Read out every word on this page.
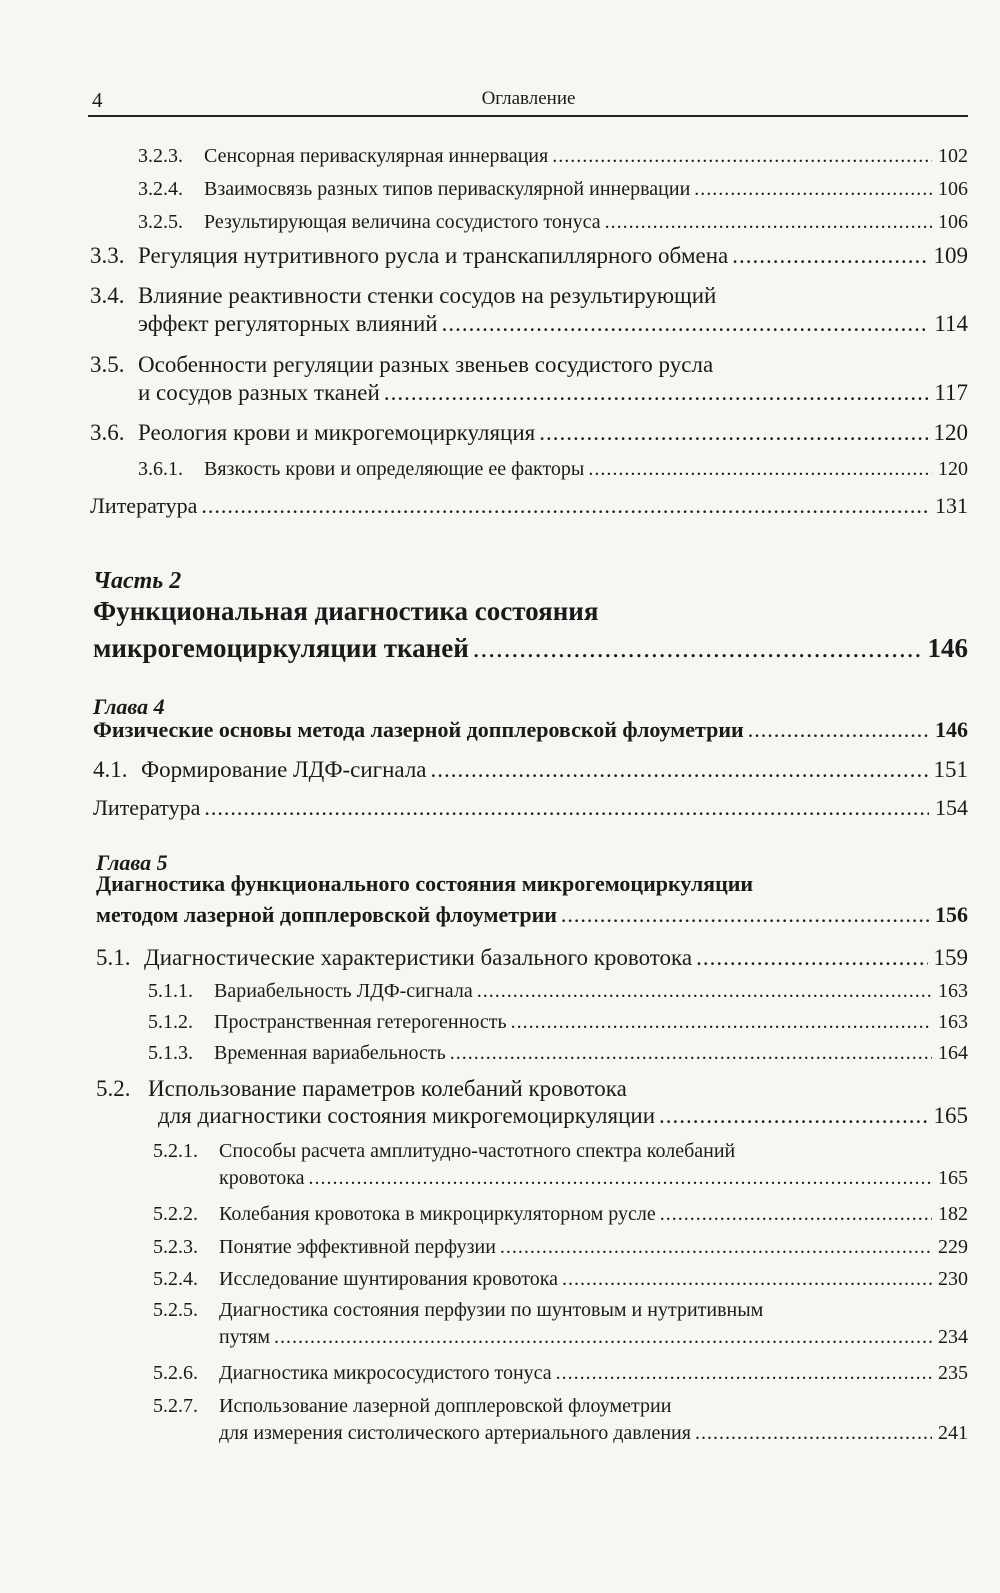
4	Оглавление
3.2.3.	Сенсорная периваскулярная иннервация .....	102
3.2.4.	Взаимосвязь разных типов периваскулярной иннервации .....	106
3.2.5.	Результирующая величина сосудистого тонуса .....	106
3.3. Регуляция нутритивного русла и транскапиллярного обмена .....	109
3.4. Влияние реактивности стенки сосудов на результирующий
эффект регуляторных влияний .....	114
3.5. Особенности регуляции разных звеньев сосудистого русла
и сосудов разных тканей .....	117
3.6. Реология крови и микрогемоциркуляция .....	120
3.6.1.	Вязкость крови и определяющие ее факторы .....	120
Литература .....	131
Часть 2
Функциональная диагностика состояния
микрогемоциркуляции тканей .....	146
Глава 4
Физические основы метода лазерной допплеровской флоуметрии .....	146
4.1. Формирование ЛДФ-сигнала .....	151
Литература .....	154
Глава 5
Диагностика функционального состояния микрогемоциркуляции
методом лазерной допплеровской флоуметрии .....	156
5.1. Диагностические характеристики базального кровотока .....	159
5.1.1.	Вариабельность ЛДФ-сигнала .....	163
5.1.2.	Пространственная гетерогенность .....	163
5.1.3.	Временная вариабельность .....	164
5.2. Использование параметров колебаний кровотока
для диагностики состояния микрогемоциркуляции .....	165
5.2.1.	Способы расчета амплитудно-частотного спектра колебаний
кровотока .....	165
5.2.2.	Колебания кровотока в микроциркуляторном русле .....	182
5.2.3.	Понятие эффективной перфузии .....	229
5.2.4.	Исследование шунтирования кровотока .....	230
5.2.5.	Диагностика состояния перфузии по шунтовым и нутритивным
путям .....	234
5.2.6.	Диагностика микрососудистого тонуса .....	235
5.2.7.	Использование лазерной допплеровской флоуметрии
для измерения систолического артериального давления .....	241
